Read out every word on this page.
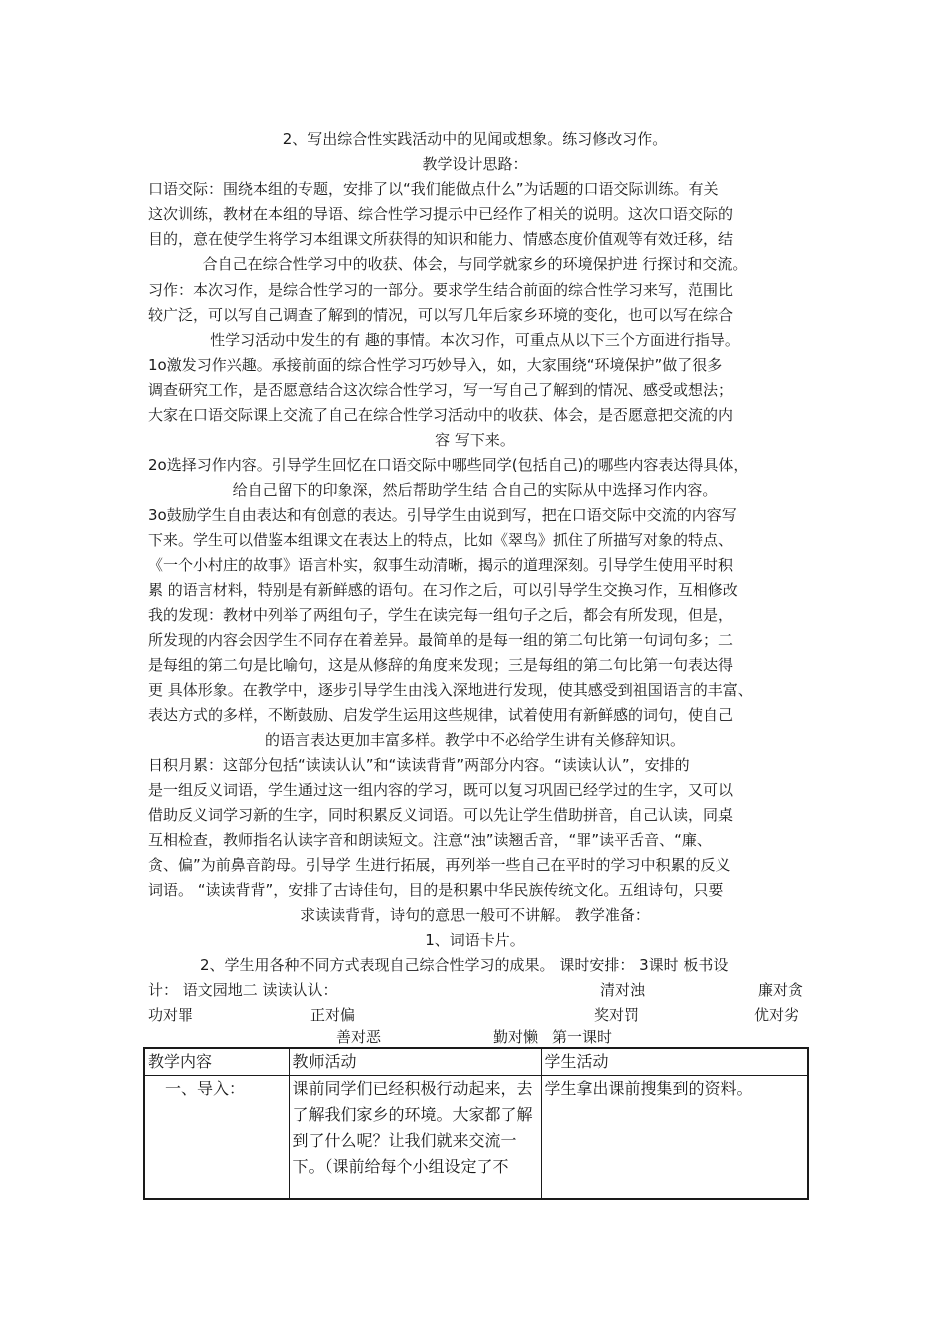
2、写出综合性实践活动中的见闻或想象。练习修改习作。
教学设计思路：
口语交际：围绕本组的专题，安排了以“我们能做点什么”为话题的口语交际训练。有关
这次训练，教材在本组的导语、综合性学习提示中已经作了相关的说明。这次口语交际的
目的，意在使学生将学习本组课文所获得的知识和能力、情感态度价值观等有效迁移，结
合自己在综合性学习中的收获、体会，与同学就家乡的环境保护进 行探讨和交流。
习作：本次习作，是综合性学习的一部分。要求学生结合前面的综合性学习来写，范围比
较广泛，可以写自己调查了解到的情况，可以写几年后家乡环境的变化，也可以写在综合
性学习活动中发生的有 趣的事情。本次习作，可重点从以下三个方面进行指导。
1o激发习作兴趣。承接前面的综合性学习巧妙导入，如，大家围绕“环境保护”做了很多
调查研究工作，是否愿意结合这次综合性学习，写一写自己了解到的情况、感受或想法；
大家在口语交际课上交流了自己在综合性学习活动中的收获、体会，是否愿意把交流的内
容 写下来。
2o选择习作内容。引导学生回忆在口语交际中哪些同学(包括自己)的哪些内容表达得具体，
给自己留下的印象深，然后帮助学生结 合自己的实际从中选择习作内容。
3o鼓励学生自由表达和有创意的表达。引导学生由说到写，把在口语交际中交流的内容写
下来。学生可以借鉴本组课文在表达上的特点，比如《翠鸟》抓住了所描写对象的特点、
《一个小村庄的故事》语言朴实，叙事生动清晰，揭示的道理深刻。引导学生使用平时积
累 的语言材料，特别是有新鲜感的语句。在习作之后，可以引导学生交换习作，互相修改
我的发现：教材中列举了两组句子，学生在读完每一组句子之后，都会有所发现，但是，
所发现的内容会因学生不同存在着差异。最简单的是每一组的第二句比第一句词句多；二
是每组的第二句是比喻句，这是从修辞的角度来发现；三是每组的第二句比第一句表达得
更 具体形象。在教学中，逐步引导学生由浅入深地进行发现，使其感受到祖国语言的丰富、
表达方式的多样，不断鼓励、启发学生运用这些规律，试着使用有新鲜感的词句，使自己
的语言表达更加丰富多样。教学中不必给学生讲有关修辞知识。
日积月累：这部分包括“读读认认”和“读读背背”两部分内容。“读读认认”，安排的
是一组反义词语，学生通过这一组内容的学习，既可以复习巩固已经学过的生字，又可以
借助反义词学习新的生字，同时积累反义词语。可以先让学生借助拼音，自己认读，同桌
互相检查，教师指名认读字音和朗读短文。注意“浊”读翘舌音，“罪”读平舌音、“廉、
贪、偏”为前鼻音韵母。引导学 生进行拓展，再列举一些自己在平时的学习中积累的反义
词语。 “读读背背”，安排了古诗佳句，目的是积累中华民族传统文化。五组诗句，只要
求读读背背，诗句的意思一般可不讲解。 教学准备：
1、词语卡片。
2、学生用各种不同方式表现自己综合性学习的成果。 课时安排： 3课时 板书设
计： 语文园地二 读读认认：	清对浊	廉对贪
功对罪	正对偏	奖对罚	优对劣
善对恶	勤对懒 第一课时
教学内容	教师活动	学生活动
一、导入：	课前同学们已经积极行动起来，去了解我们家乡的环境。大家都了解到了什么呢？让我们就来交流一下。（课前给每个小组设定了不	学生拿出课前搜集到的资料。
